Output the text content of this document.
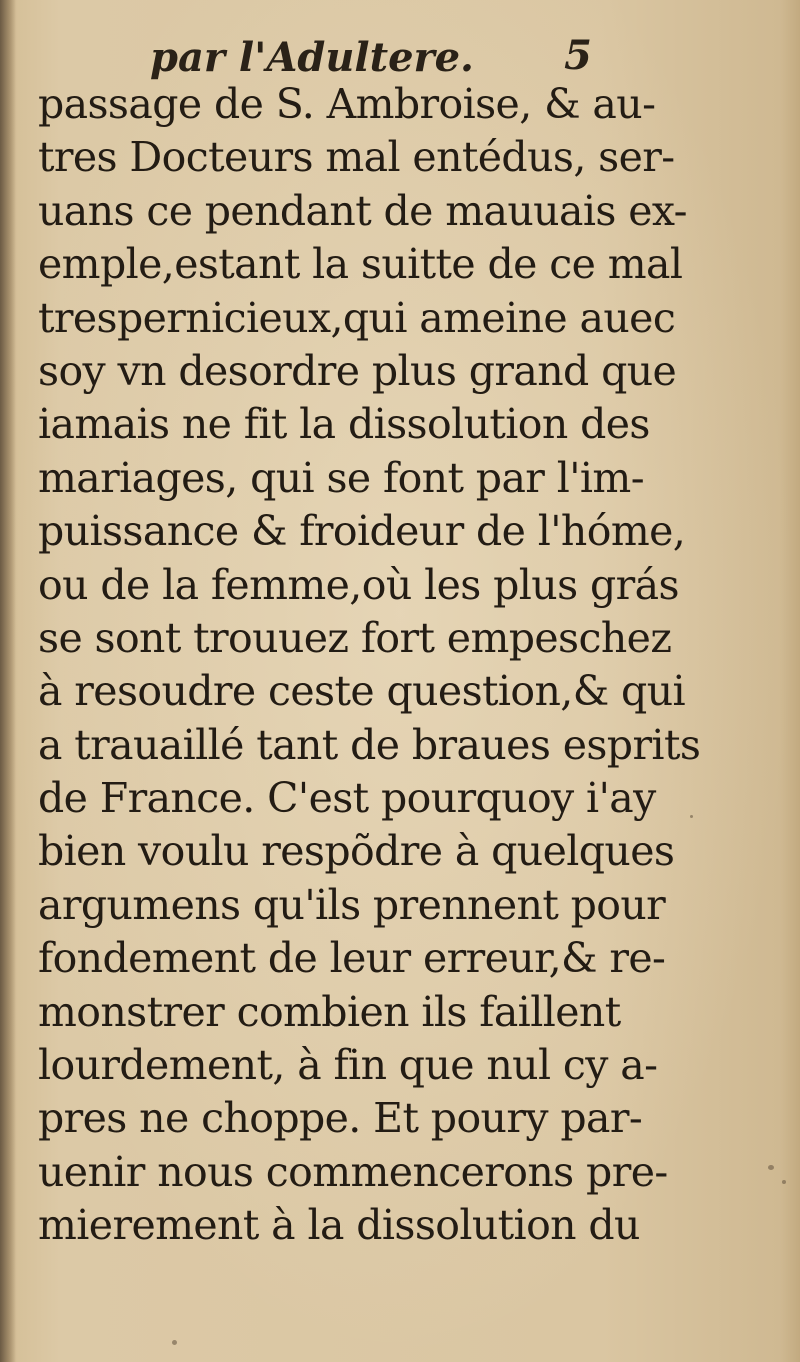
par l'Adultere. 5
passage de S. Ambroise, & au-
tres Docteurs mal entédus, ser-
uans ce pendant de mauuais ex-
emple,estant la suitte de ce mal
trespernicieux,qui ameine auec
soy vn desordre plus grand que
iamais ne fit la dissolution des
mariages, qui se font par l'im-
puissance & froideur de l'hóme,
ou de la femme,où les plus grás
se sont trouuez fort empeschez
à resoudre ceste question,& qui
a trauaillé tant de braues esprits
de France. C'est pourquoy i'ay
bien voulu respõdre à quelques
argumens qu'ils prennent pour
fondement de leur erreur,& re-
monstrer combien ils faillent
lourdement, à fin que nul cy a-
pres ne choppe. Et poury par-
uenir nous commencerons pre-
mierement à la dissolution du
